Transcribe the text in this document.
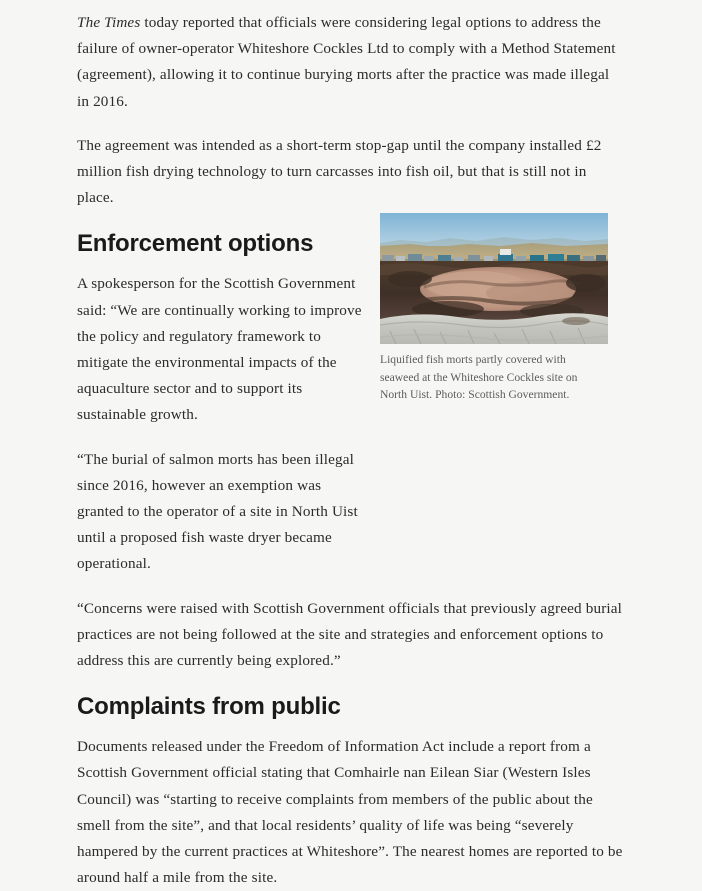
The Times today reported that officials were considering legal options to address the failure of owner-operator Whiteshore Cockles Ltd to comply with a Method Statement (agreement), allowing it to continue burying morts after the practice was made illegal in 2016.

The agreement was intended as a short-term stop-gap until the company installed £2 million fish drying technology to turn carcasses into fish oil, but that is still not in place.

Liquified fish morts partly covered with seaweed at the Whiteshore Cockles site on North Uist. Photo: Scottish Government.
Enforcement options

A spokesperson for the Scottish Government said: “We are continually working to improve the policy and regulatory framework to mitigate the environmental impacts of the aquaculture sector and to support its sustainable growth.

“The burial of salmon morts has been illegal since 2016, however an exemption was granted to the operator of a site in North Uist until a proposed fish waste dryer became operational.

“Concerns were raised with Scottish Government officials that previously agreed burial practices are not being followed at the site and strategies and enforcement options to address this are currently being explored.”

Complaints from public

Documents released under the Freedom of Information Act include a report from a Scottish Government official stating that Comhairle nan Eilean Siar (Western Isles Council) was “starting to receive complaints from members of the public about the smell from the site”, and that local residents’ quality of life was being “severely hampered by the current practices at Whiteshore”. The nearest homes are reported to be around half a mile from the site.
